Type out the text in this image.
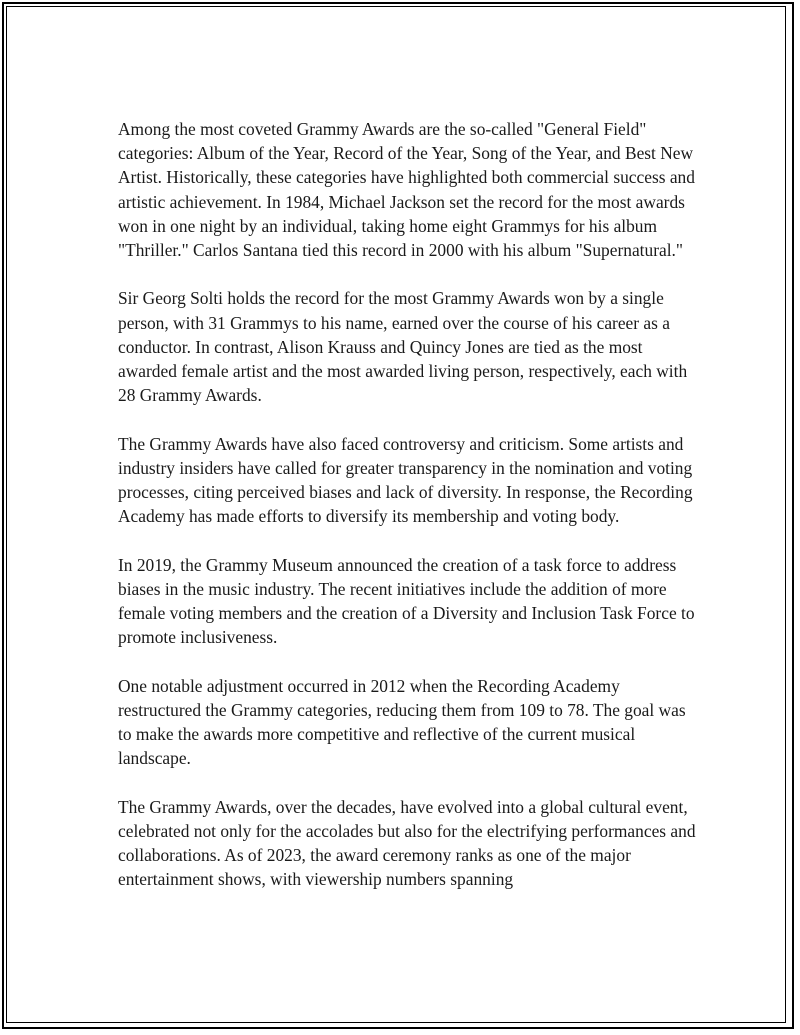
Among the most coveted Grammy Awards are the so-called "General Field" categories: Album of the Year, Record of the Year, Song of the Year, and Best New Artist. Historically, these categories have highlighted both commercial success and artistic achievement. In 1984, Michael Jackson set the record for the most awards won in one night by an individual, taking home eight Grammys for his album "Thriller." Carlos Santana tied this record in 2000 with his album "Supernatural."

Sir Georg Solti holds the record for the most Grammy Awards won by a single person, with 31 Grammys to his name, earned over the course of his career as a conductor. In contrast, Alison Krauss and Quincy Jones are tied as the most awarded female artist and the most awarded living person, respectively, each with 28 Grammy Awards.

The Grammy Awards have also faced controversy and criticism. Some artists and industry insiders have called for greater transparency in the nomination and voting processes, citing perceived biases and lack of diversity. In response, the Recording Academy has made efforts to diversify its membership and voting body.

In 2019, the Grammy Museum announced the creation of a task force to address biases in the music industry. The recent initiatives include the addition of more female voting members and the creation of a Diversity and Inclusion Task Force to promote inclusiveness.

One notable adjustment occurred in 2012 when the Recording Academy restructured the Grammy categories, reducing them from 109 to 78. The goal was to make the awards more competitive and reflective of the current musical landscape.

The Grammy Awards, over the decades, have evolved into a global cultural event, celebrated not only for the accolades but also for the electrifying performances and collaborations. As of 2023, the award ceremony ranks as one of the major entertainment shows, with viewership numbers spanning
